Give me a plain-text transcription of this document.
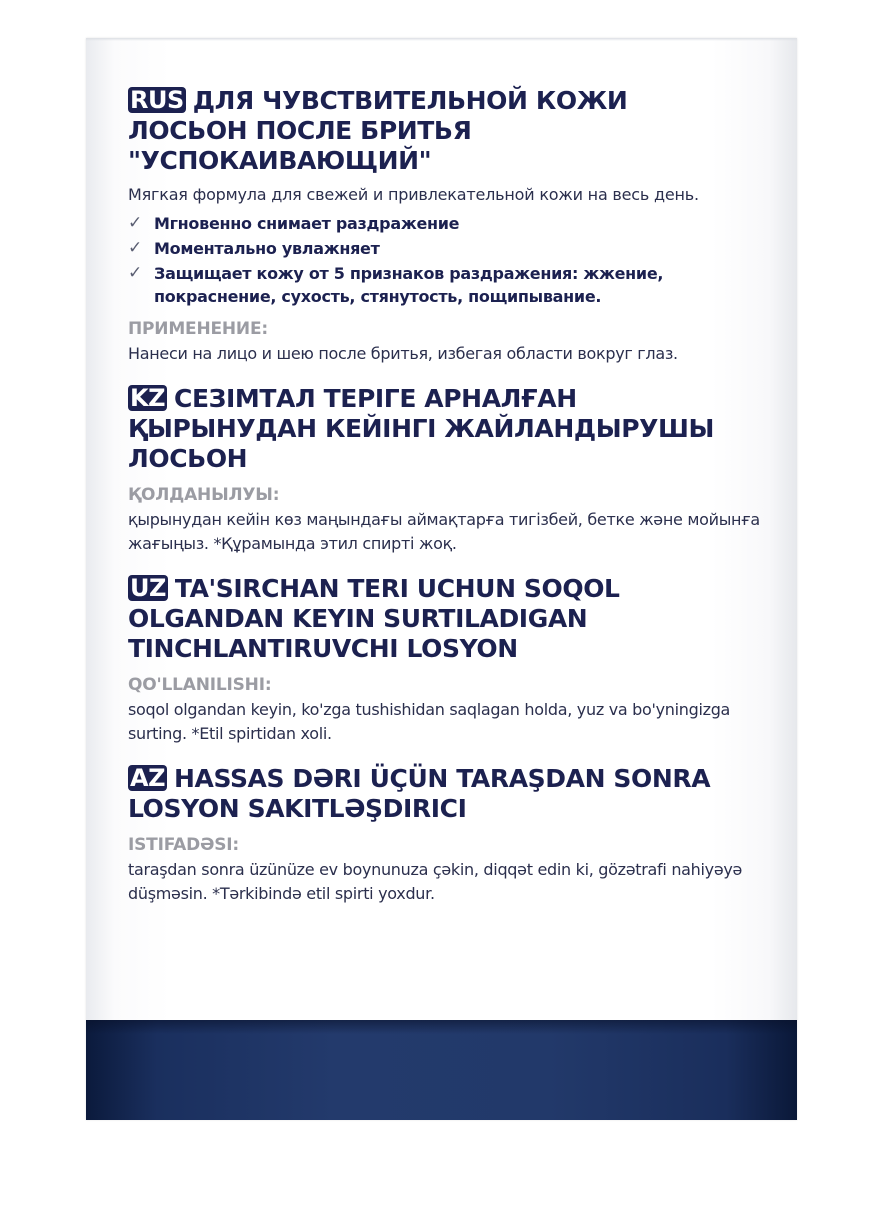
RUS ДЛЯ ЧУВСТВИТЕЛЬНОЙ КОЖИ
ЛОСЬОН ПОСЛЕ БРИТЬЯ "УСПОКАИВАЮЩИЙ"

Мягкая формула для свежей и привлекательной кожи на весь день.

✓ Мгновенно снимает раздражение
✓ Моментально увлажняет
✓ Защищает кожу от 5 признаков раздражения: жжение, покраснение, сухость, стянутость, пощипывание.
ПРИМЕНЕНИЕ:

Нанеси на лицо и шею после бритья, избегая области вокруг глаз.

KZ СЕЗІМТАЛ ТЕРІГЕ АРНАЛҒАН ҚЫРЫНУДАН КЕЙІНГІ ЖАЙЛАНДЫРУШЫ ЛОСЬОН
ҚОЛДАНЫЛУЫ:

қырынудан кейін көз маңындағы аймақтарға тигізбей, бетке және мойынға жағыңыз. *Құрамында этил спирті жоқ.

UZ TA'SIRCHAN TERI UCHUN SOQOL OLGANDAN KEYIN SURTILADIGAN TINCHLANTIRUVCHI LOSYON
QO'LLANILISHI:

soqol olgandan keyin, ko'zga tushishidan saqlagan holda, yuz va bo'yningizga surting. *Etil spirtidan xoli.

AZ HASSAS DƏRI ÜÇÜN TARAŞDAN SONRA LOSYON SAKITLƏŞDIRICI
ISTIFADƏSI:

taraşdan sonra üzünüze ev boynunuza çəkin, diqqət edin ki, gözətrafi nahiyəyə düşməsin. *Tərkibində etil spirti yoxdur.
